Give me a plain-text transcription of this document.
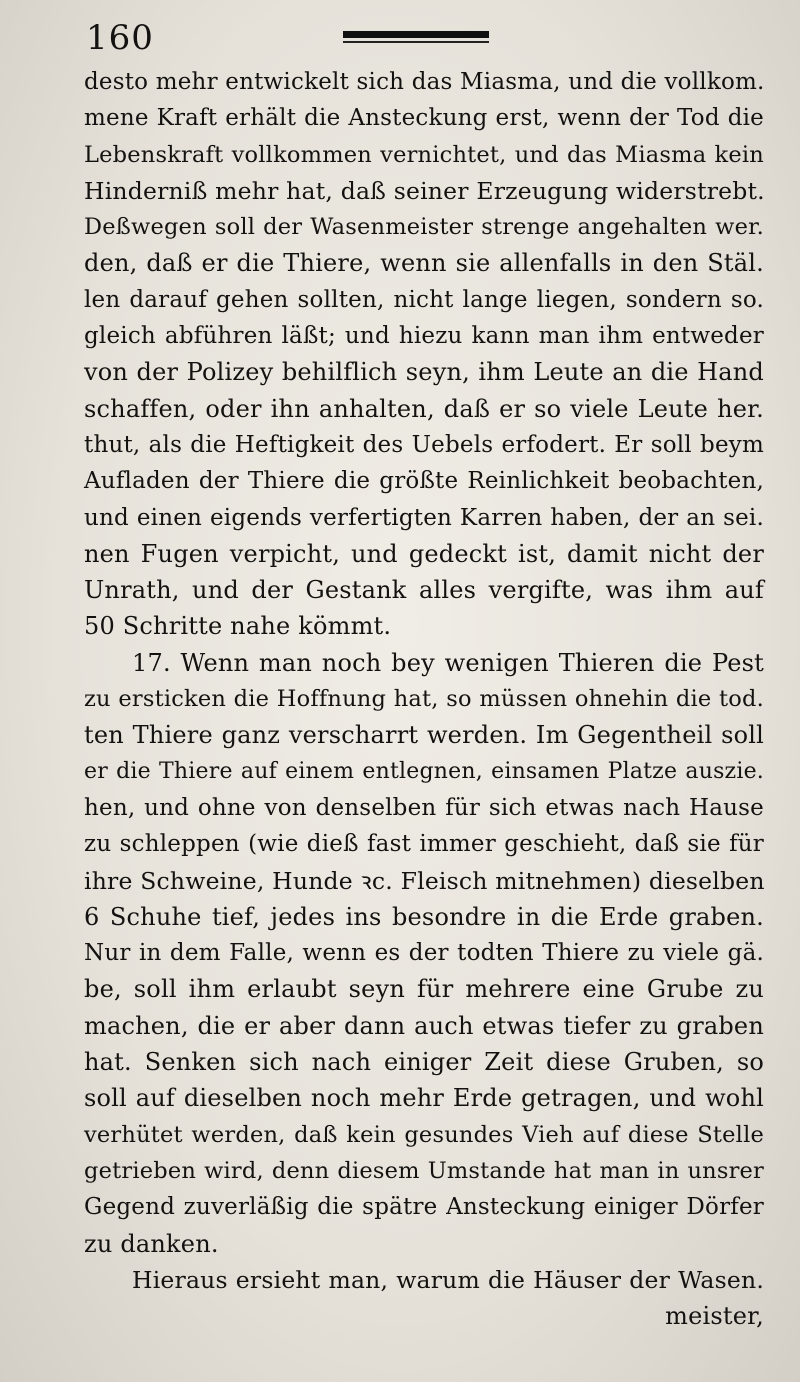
160
desto mehr entwickelt sich das Miasma, und die vollkom.
mene Kraft erhält die Ansteckung erst, wenn der Tod die
Lebenskraft vollkommen vernichtet, und das Miasma kein
Hinderniß mehr hat, daß seiner Erzeugung widerstrebt.
Deßwegen soll der Wasenmeister strenge angehalten wer.
den, daß er die Thiere, wenn sie allenfalls in den Stäl.
len darauf gehen sollten, nicht lange liegen, sondern so.
gleich abführen läßt; und hiezu kann man ihm entweder
von der Polizey behilflich seyn, ihm Leute an die Hand
schaffen, oder ihn anhalten, daß er so viele Leute her.
thut, als die Heftigkeit des Uebels erfodert. Er soll beym
Aufladen der Thiere die größte Reinlichkeit beobachten,
und einen eigends verfertigten Karren haben, der an sei.
nen Fugen verpicht, und gedeckt ist, damit nicht der
Unrath, und der Gestank alles vergifte, was ihm auf
50 Schritte nahe kömmt.
17. Wenn man noch bey wenigen Thieren die Pest
zu ersticken die Hoffnung hat, so müssen ohnehin die tod.
ten Thiere ganz verscharrt werden. Im Gegentheil soll
er die Thiere auf einem entlegnen, einsamen Platze auszie.
hen, und ohne von denselben für sich etwas nach Hause
zu schleppen (wie dieß fast immer geschieht, daß sie für
ihre Schweine, Hunde ꝛc. Fleisch mitnehmen) dieselben
6 Schuhe tief, jedes ins besondre in die Erde graben.
Nur in dem Falle, wenn es der todten Thiere zu viele gä.
be, soll ihm erlaubt seyn für mehrere eine Grube zu
machen, die er aber dann auch etwas tiefer zu graben
hat. Senken sich nach einiger Zeit diese Gruben, so
soll auf dieselben noch mehr Erde getragen, und wohl
verhütet werden, daß kein gesundes Vieh auf diese Stelle
getrieben wird, denn diesem Umstande hat man in unsrer
Gegend zuverläßig die spätre Ansteckung einiger Dörfer
zu danken.
Hieraus ersieht man, warum die Häuser der Wasen.
meister,
